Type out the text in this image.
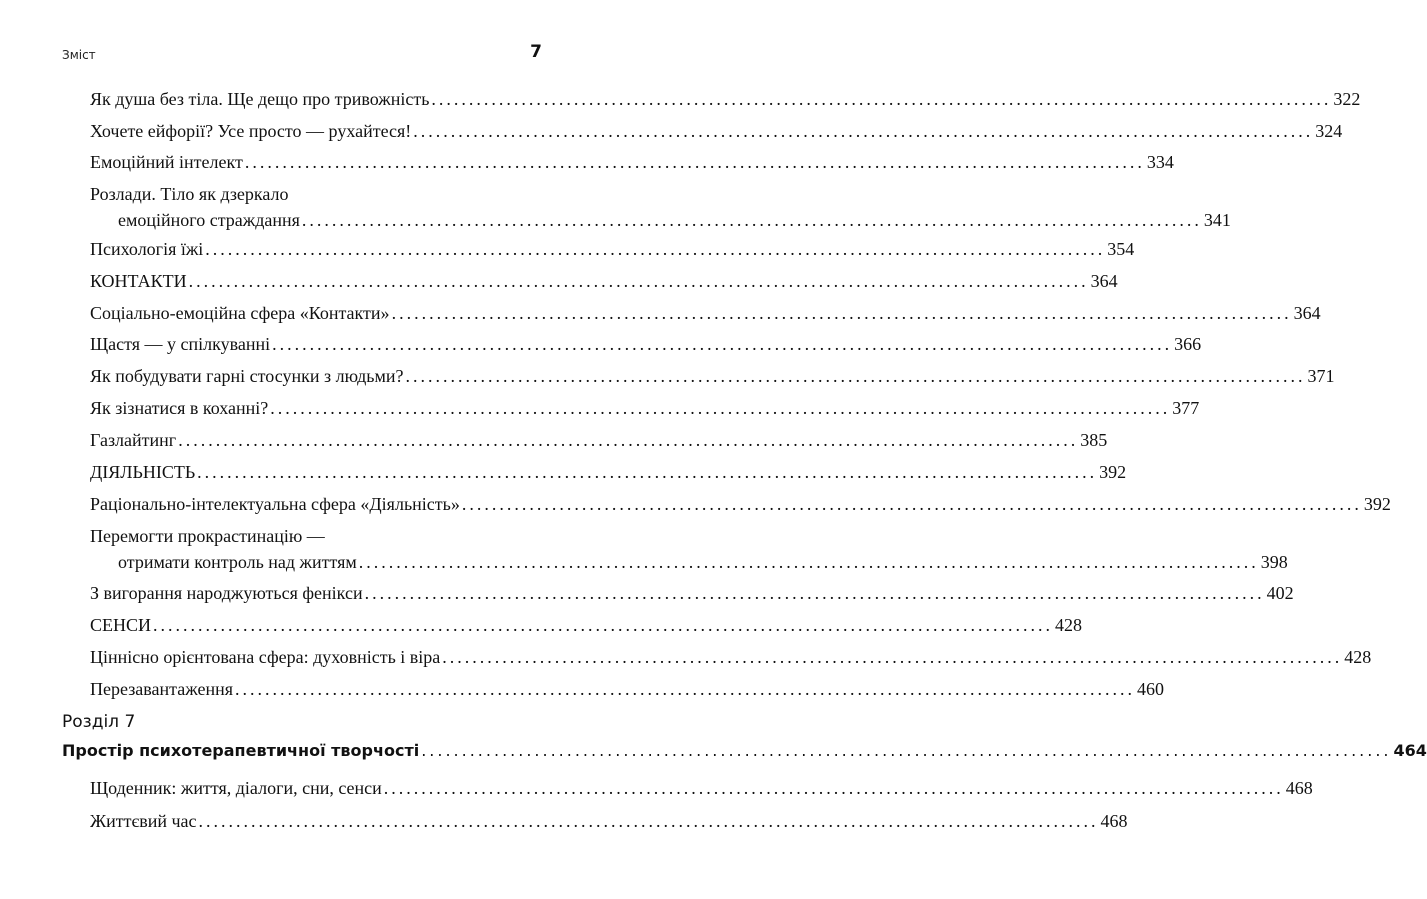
Зміст	7
Як душа без тіла. Ще дещо про тривожність ........................................................................................................................ 322
Хочете ейфорії? Усе просто — рухайтеся! ........................................................................................................................ 324
Емоційний інтелект ........................................................................................................................ 334
Розлади. Тіло як дзеркало
емоційного страждання ........................................................................................................................ 341
Психологія їжі ........................................................................................................................ 354
КОНТАКТИ ........................................................................................................................ 364
Соціально-емоційна сфера «Контакти» ........................................................................................................................ 364
Щастя — у спілкуванні ........................................................................................................................ 366
Як побудувати гарні стосунки з людьми? ........................................................................................................................ 371
Як зізнатися в коханні? ........................................................................................................................ 377
Газлайтинг ........................................................................................................................ 385
ДІЯЛЬНІСТЬ ........................................................................................................................ 392
Раціонально-інтелектуальна сфера «Діяльність» ........................................................................................................................ 392
Перемогти прокрастинацію —
отримати контроль над життям ........................................................................................................................ 398
З вигорання народжуються фенікси ........................................................................................................................ 402
СЕНСИ ........................................................................................................................ 428
Ціннісно орієнтована сфера: духовність і віра ........................................................................................................................ 428
Перезавантаження ........................................................................................................................ 460
Розділ 7
Простір психотерапевтичної творчості ........................................................................................................................ 464
Щоденник: життя, діалоги, сни, сенси ........................................................................................................................ 468
Життєвий час ........................................................................................................................ 468
